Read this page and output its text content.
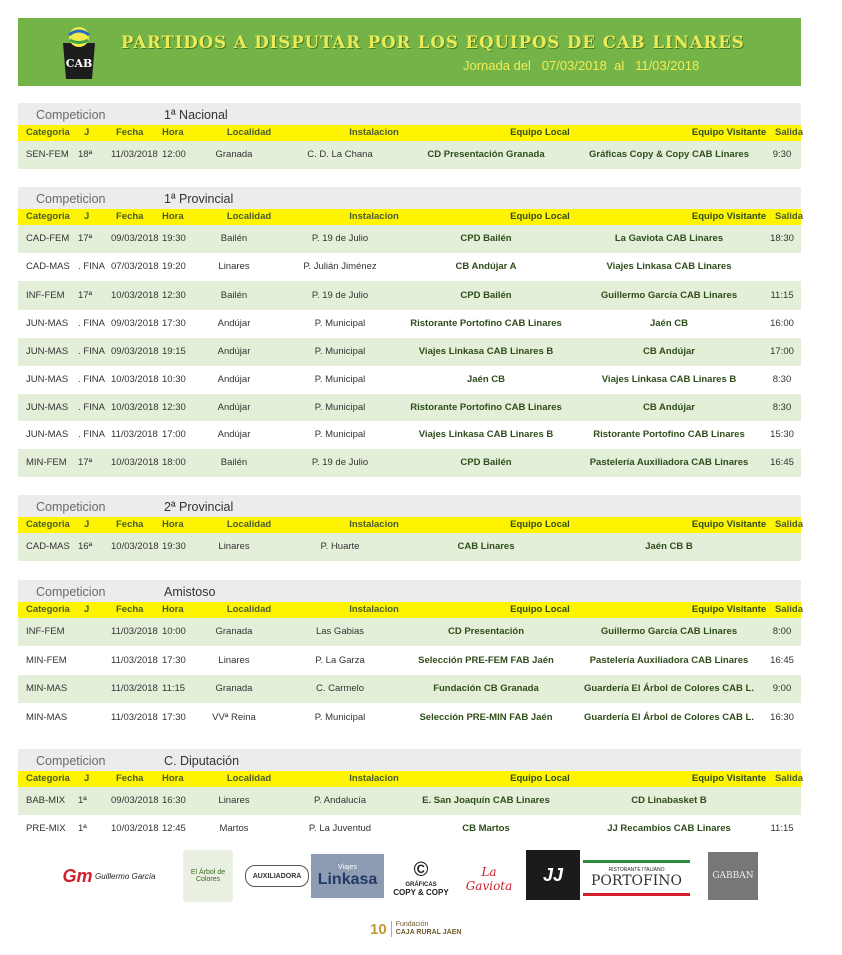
CAB
PARTIDOS A DISPUTAR POR LOS EQUIPOS DE CAB LINARES
Jornada del 07/03/2018 al 11/03/2018
Competicion	1ª Nacional
Categoria J	Fecha	Hora	Localidad	Instalacion	Equipo Local	Equipo Visitante Salida
SEN-FEM 18ª 11/03/2018 12:00	Granada	C. D. La Chana	CD Presentación Granada	Gráficas Copy & Copy CAB Linares	9:30
Competicion	1ª Provincial
Categoria J	Fecha	Hora	Localidad	Instalacion	Equipo Local	Equipo Visitante Salida
CAD-FEM 17ª 09/03/2018 19:30	Bailén	P. 19 de Julio	CPD Bailén	La Gaviota CAB Linares	18:30
CAD-MAS . FINA 07/03/2018 19:20	Linares	P. Julián Jiménez	CB Andújar A	Viajes Linkasa CAB Linares
INF-FEM 17ª 10/03/2018 12:30	Bailén	P. 19 de Julio	CPD Bailén	Guillermo García CAB Linares	11:15
JUN-MAS . FINA 09/03/2018 17:30	Andújar	P. Municipal	Ristorante Portofino CAB Linares	Jaén CB	16:00
JUN-MAS . FINA 09/03/2018 19:15	Andújar	P. Municipal	Viajes Linkasa CAB Linares B	CB Andújar	17:00
JUN-MAS . FINA 10/03/2018 10:30	Andújar	P. Municipal	Jaén CB	Viajes Linkasa CAB Linares B	8:30
JUN-MAS . FINA 10/03/2018 12:30	Andújar	P. Municipal	Ristorante Portofino CAB Linares	CB Andújar	8:30
JUN-MAS . FINA 11/03/2018 17:00	Andújar	P. Municipal	Viajes Linkasa CAB Linares B	Ristorante Portofino CAB Linares	15:30
MIN-FEM 17ª 10/03/2018 18:00	Bailén	P. 19 de Julio	CPD Bailén	Pastelería Auxiliadora CAB Linares	16:45
Competicion	2ª Provincial
Categoria J	Fecha	Hora	Localidad	Instalacion	Equipo Local	Equipo Visitante Salida
CAD-MAS 16ª 10/03/2018 19:30	Linares	P. Huarte	CAB Linares	Jaén CB B
Competicion	Amistoso
Categoria J	Fecha	Hora	Localidad	Instalacion	Equipo Local	Equipo Visitante Salida
INF-FEM	11/03/2018 10:00	Granada	Las Gabias	CD Presentación	Guillermo García CAB Linares	8:00
MIN-FEM	11/03/2018 17:30	Linares	P. La Garza	Selección PRE-FEM FAB Jaén	Pastelería Auxiliadora CAB Linares	16:45
MIN-MAS	11/03/2018 11:15	Granada	C. Carmelo	Fundación CB Granada	Guardería El Árbol de Colores CAB L.	9:00
MIN-MAS	11/03/2018 17:30	VVª Reina	P. Municipal	Selección PRE-MIN FAB Jaén	Guardería El Árbol de Colores CAB L.	16:30
Competicion	C. Diputación
Categoria J	Fecha	Hora	Localidad	Instalacion	Equipo Local	Equipo Visitante Salida
BAB-MIX 1ª	09/03/2018 16:30	Linares	P. Andalucía	E. San Joaquín CAB Linares	CD Linabasket B
PRE-MIX 1ª	10/03/2018 12:45	Martos	P. La Juventud	CB Martos	JJ Recambios CAB Linares	11:15
Gm
Guillermo García	El Árbol de Colores	AUXILIADORA
Viajes
Linkasa ©
GRÁFICAS
COPY & COPY
La Gaviota
JJ	RISTORANTE ITALIANO
PORTOFINO	GABBAN
10 Fundación
CAJA RURAL JAEN
